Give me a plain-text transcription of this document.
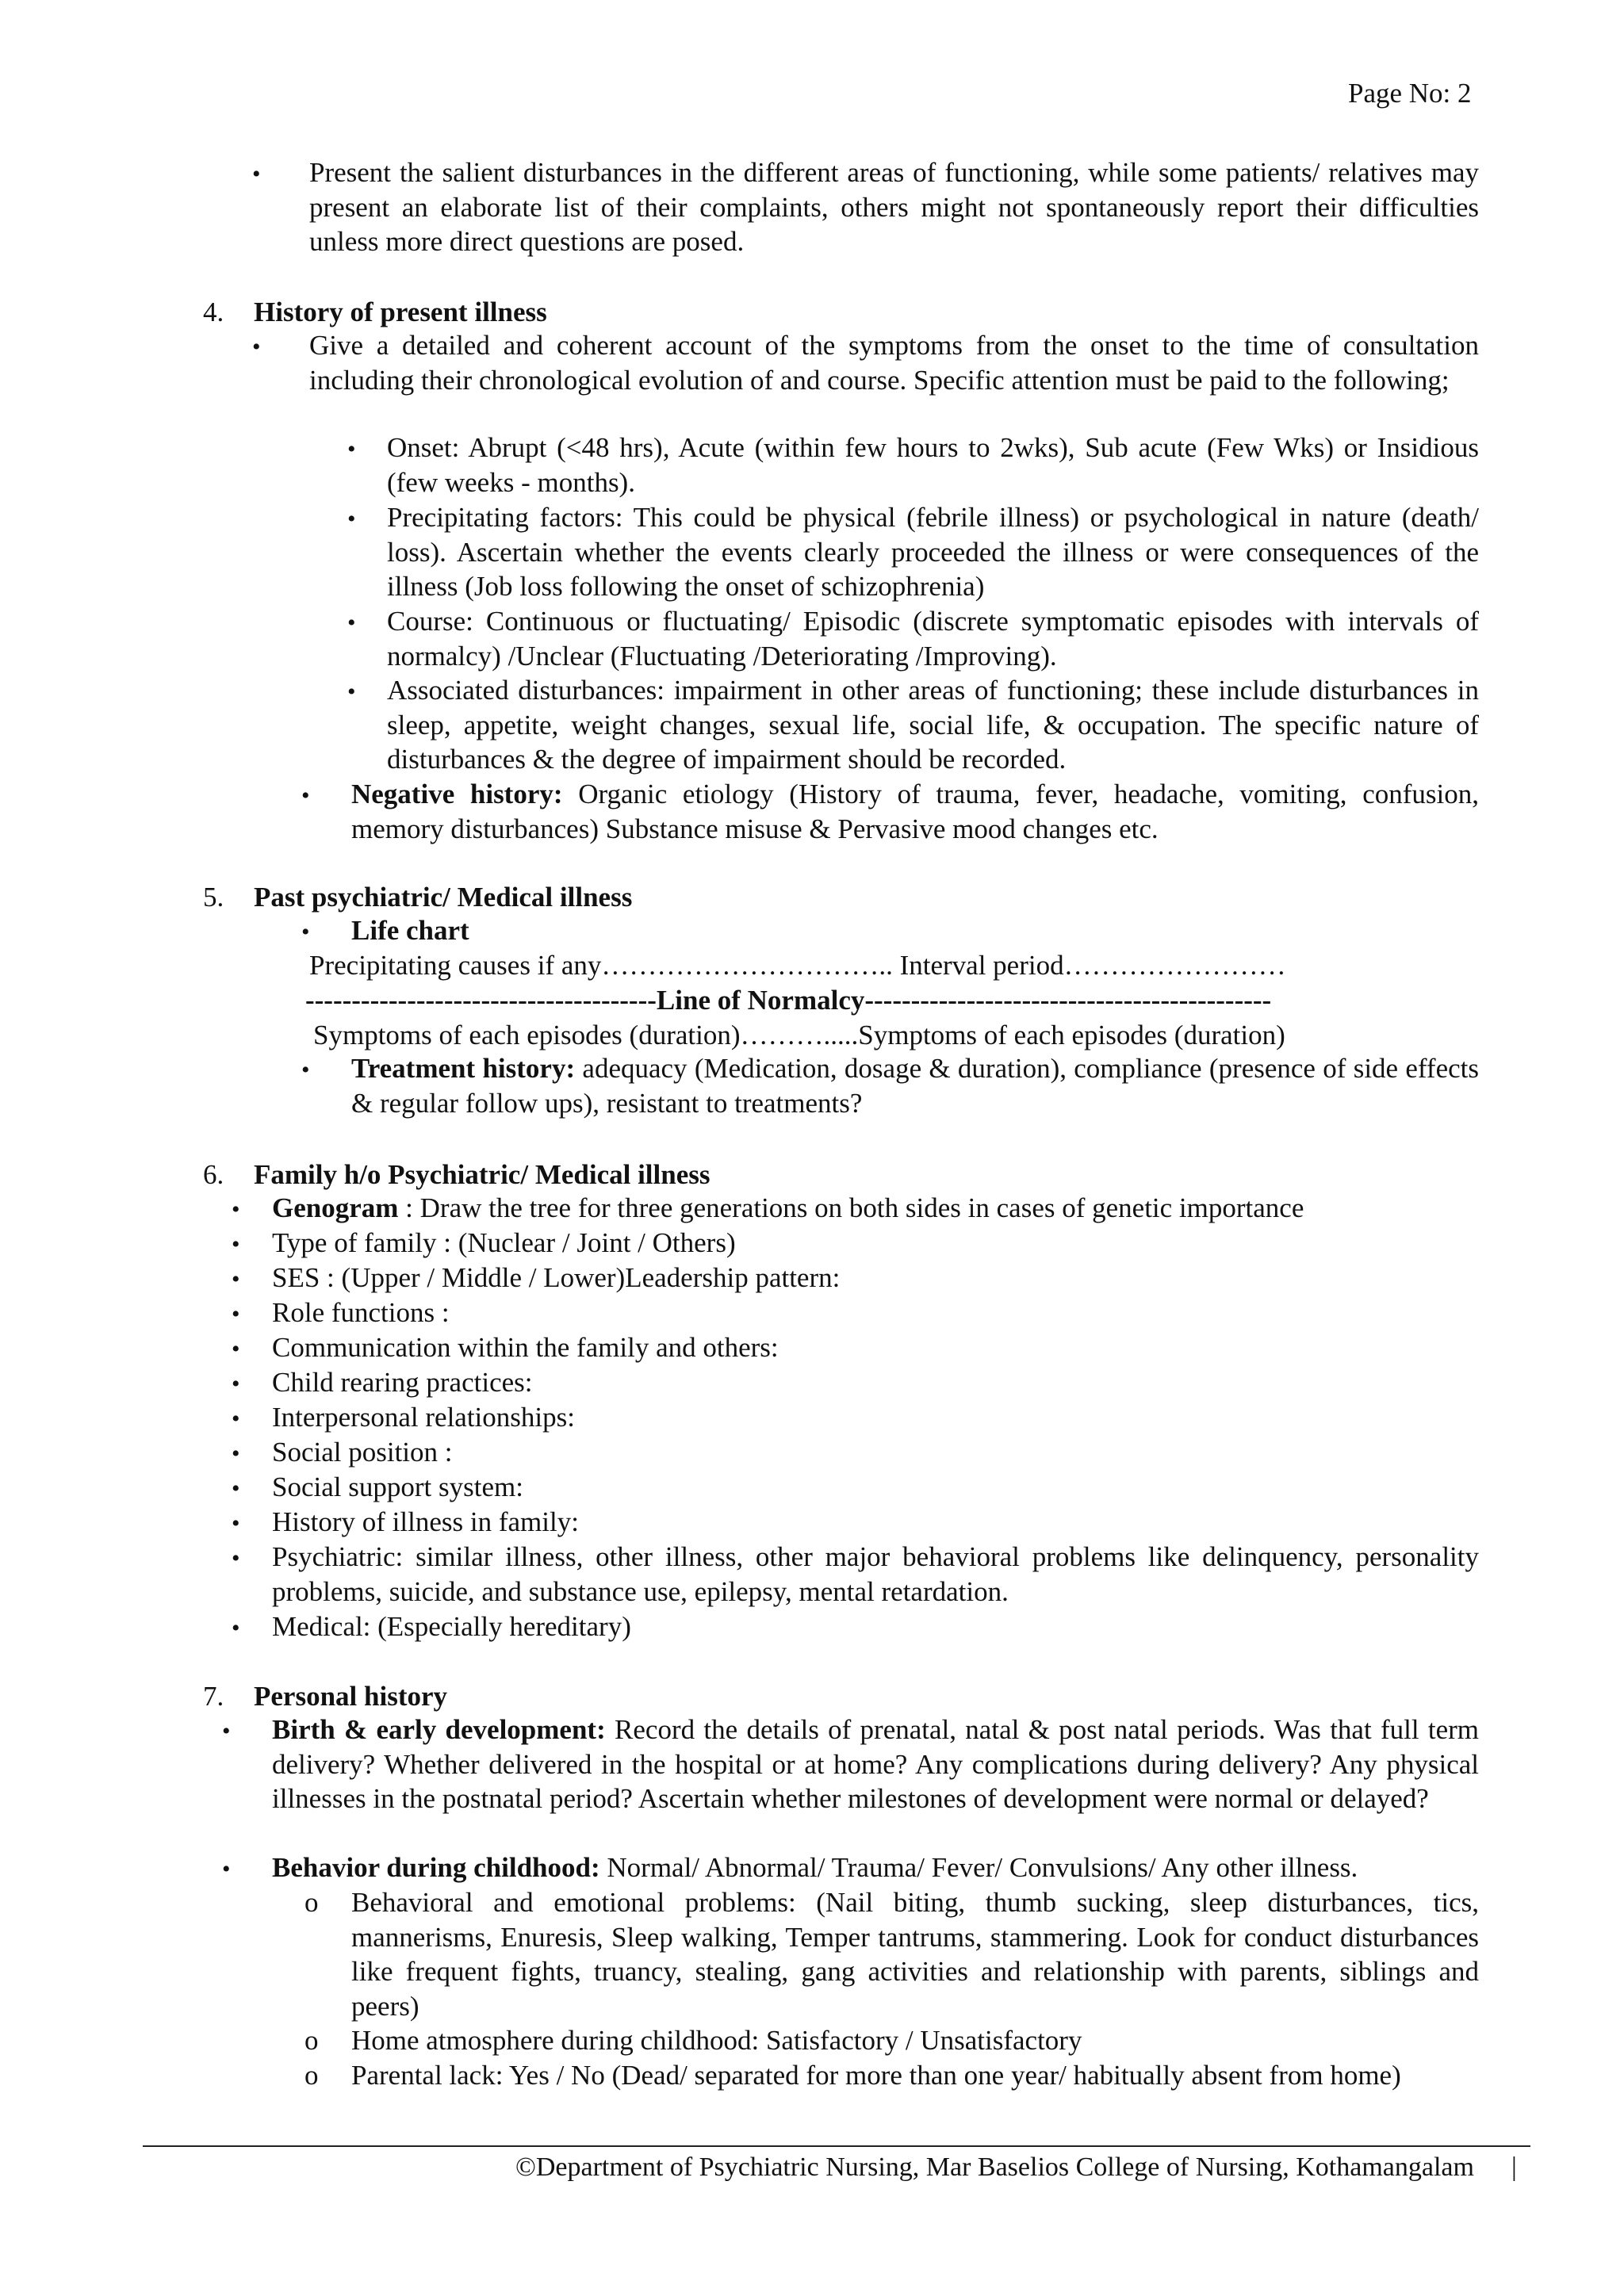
Page No: 2
• Present the salient disturbances in the different areas of functioning, while some patients/ relatives may present an elaborate list of their complaints, others might not spontaneously report their difficulties unless more direct questions are posed.
4. History of present illness
• Give a detailed and coherent account of the symptoms from the onset to the time of consultation including their chronological evolution of and course. Specific attention must be paid to the following;
• Onset: Abrupt (<48 hrs), Acute (within few hours to 2wks), Sub acute (Few Wks) or Insidious (few weeks - months).
• Precipitating factors: This could be physical (febrile illness) or psychological in nature (death/ loss). Ascertain whether the events clearly proceeded the illness or were consequences of the illness (Job loss following the onset of schizophrenia)
• Course: Continuous or fluctuating/ Episodic (discrete symptomatic episodes with intervals of normalcy) /Unclear (Fluctuating /Deteriorating /Improving).
• Associated disturbances: impairment in other areas of functioning; these include disturbances in sleep, appetite, weight changes, sexual life, social life, & occupation. The specific nature of disturbances & the degree of impairment should be recorded.
• Negative history: Organic etiology (History of trauma, fever, headache, vomiting, confusion, memory disturbances) Substance misuse & Pervasive mood changes etc.
5. Past psychiatric/ Medical illness
• Life chart
Precipitating causes if any………………………….. Interval period……………………
--------------------------------------Line of Normalcy--------------------------------------------
Symptoms of each episodes (duration)……….....Symptoms of each episodes (duration)
• Treatment history: adequacy (Medication, dosage & duration), compliance (presence of side effects & regular follow ups), resistant to treatments?
6. Family h/o Psychiatric/ Medical illness
• Genogram : Draw the tree for three generations on both sides in cases of genetic importance
• Type of family : (Nuclear / Joint / Others)
• SES : (Upper / Middle / Lower)Leadership pattern:
• Role functions :
• Communication within the family and others:
• Child rearing practices:
• Interpersonal relationships:
• Social position :
• Social support system:
• History of illness in family:
• Psychiatric: similar illness, other illness, other major behavioral problems like delinquency, personality problems, suicide, and substance use, epilepsy, mental retardation.
• Medical: (Especially hereditary)
7. Personal history
• Birth & early development: Record the details of prenatal, natal & post natal periods. Was that full term delivery? Whether delivered in the hospital or at home? Any complications during delivery? Any physical illnesses in the postnatal period? Ascertain whether milestones of development were normal or delayed?
• Behavior during childhood: Normal/ Abnormal/ Trauma/ Fever/ Convulsions/ Any other illness.
o Behavioral and emotional problems: (Nail biting, thumb sucking, sleep disturbances, tics, mannerisms, Enuresis, Sleep walking, Temper tantrums, stammering. Look for conduct disturbances like frequent fights, truancy, stealing, gang activities and relationship with parents, siblings and peers)
o Home atmosphere during childhood: Satisfactory / Unsatisfactory
o Parental lack: Yes / No (Dead/ separated for more than one year/ habitually absent from home)
©Department of Psychiatric Nursing, Mar Baselios College of Nursing, Kothamangalam |
